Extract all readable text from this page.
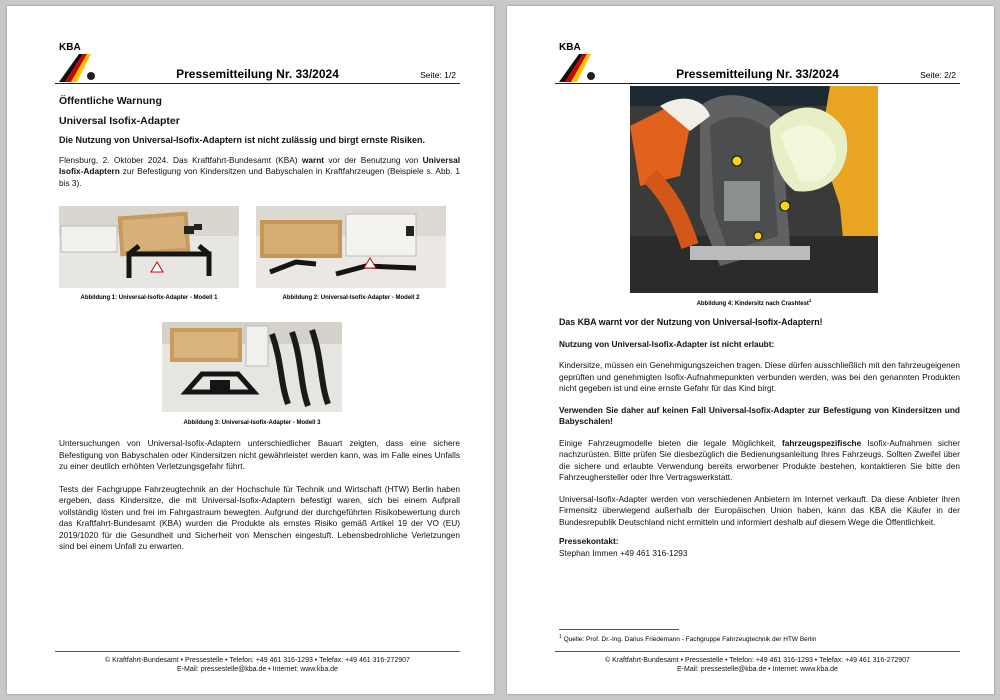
KBA
Pressemitteilung Nr. 33/2024	Seite: 1/2

Öffentliche Warnung

Universal Isofix-Adapter

Die Nutzung von Universal-Isofix-Adaptern ist nicht zulässig und birgt ernste Risiken.

Flensburg, 2. Oktober 2024. Das Kraftfahrt-Bundesamt (KBA) warnt vor der Benutzung von Universal Isofix-Adaptern zur Befestigung von Kindersitzen und Babyschalen in Kraftfahrzeugen (Beispiele s. Abb. 1 bis 3).

Abbildung 1: Universal-Isofix-Adapter - Modell 1	Abbildung 2: Universal-Isofix-Adapter - Modell 2
Abbildung 3: Universal-Isofix-Adapter - Modell 3

Untersuchungen von Universal-Isofix-Adaptern unterschiedlicher Bauart zeigten, dass eine sichere Befestigung von Babyschalen oder Kindersitzen nicht gewährleistet werden kann, was im Falle eines Unfalls zu einer deutlich erhöhten Verletzungsgefahr führt.

Tests der Fachgruppe Fahrzeugtechnik an der Hochschule für Technik und Wirtschaft (HTW) Berlin haben ergeben, dass Kindersitze, die mit Universal-Isofix-Adaptern befestigt waren, sich bei einem Aufprall vollständig lösten und frei im Fahrgastraum bewegten. Aufgrund der durchgeführten Risikobewertung durch das Kraftfahrt-Bundesamt (KBA) wurden die Produkte als ernstes Risiko gemäß Artikel 19 der VO (EU) 2019/1020 für die Gesundheit und Sicherheit von Menschen eingestuft. Lebensbedrohliche Verletzungen sind bei einem Unfall zu erwarten.

© Kraftfahrt-Bundesamt • Pressestelle • Telefon: +49 461 316-1293 • Telefax: +49 461 316-272907
E-Mail: pressestelle@kba.de • Internet: www.kba.de
KBA
Pressemitteilung Nr. 33/2024	Seite: 2/2
Abbildung 4: Kindersitz nach Crashtest$^1$

Das KBA warnt vor der Nutzung von Universal-Isofix-Adaptern!

Nutzung von Universal-Isofix-Adapter ist nicht erlaubt:

Kindersitze, müssen ein Genehmigungszeichen tragen. Diese dürfen ausschließlich mit den fahrzeugeigenen geprüften und genehmigten Isofix-Aufnahmepunkten verbunden werden, was bei den genannten Produkten nicht gegeben ist und eine ernste Gefahr für das Kind birgt.

Verwenden Sie daher auf keinen Fall Universal-Isofix-Adapter zur Befestigung von Kindersitzen und Babyschalen!

Einige Fahrzeugmodelle bieten die legale Möglichkeit, fahrzeugspezifische Isofix-Aufnahmen sicher nachzurüsten. Bitte prüfen Sie diesbezüglich die Bedienungsanleitung Ihres Fahrzeugs. Sollten Zweifel über die sichere und erlaubte Verwendung bereits erworbener Produkte bestehen, kontaktieren Sie bitte den Fahrzeughersteller oder Ihre Vertragswerkstatt.

Universal-Isofix-Adapter werden von verschiedenen Anbietern im Internet verkauft. Da diese Anbieter ihren Firmensitz überwiegend außerhalb der Europäischen Union haben, kann das KBA die Käufer in der Bundesrepublik Deutschland nicht ermitteln und informiert deshalb auf diesem Wege die Öffentlichkeit.

Pressekontakt:
Stephan Immen +49 461 316-1293
$^1$ Quelle: Prof. Dr.-Ing. Darius Friedemann - Fachgruppe Fahrzeugtechnik der HTW Berlin
© Kraftfahrt-Bundesamt • Pressestelle • Telefon: +49 461 316-1293 • Telefax: +49 461 316-272907
E-Mail: pressestelle@kba.de • Internet: www.kba.de
